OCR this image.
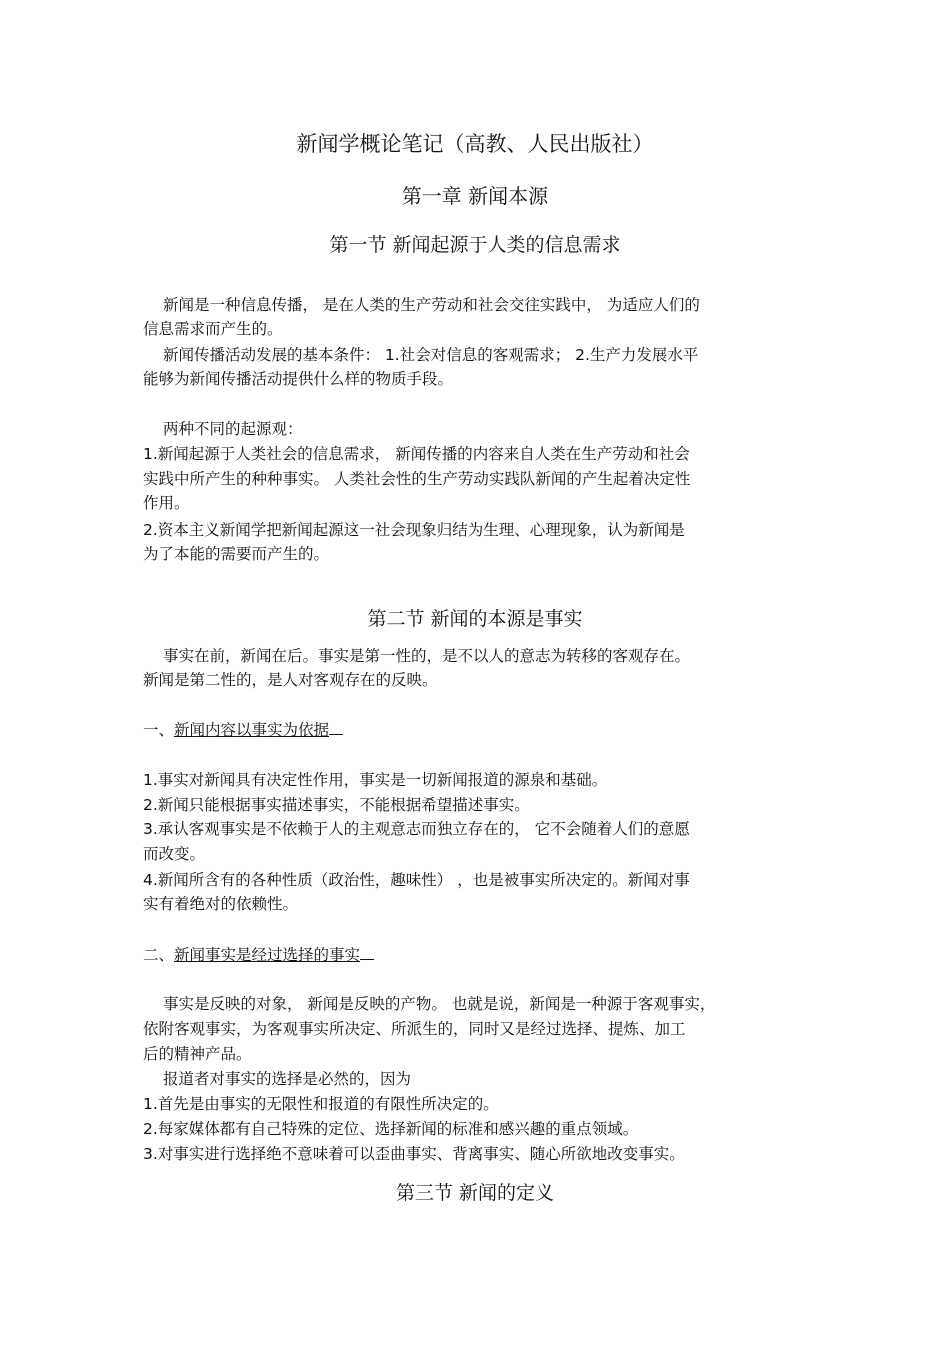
新闻学概论笔记（高教、人民出版社）
第一章 新闻本源
第一节 新闻起源于人类的信息需求
新闻是一种信息传播， 是在人类的生产劳动和社会交往实践中， 为适应人们的
信息需求而产生的。
新闻传播活动发展的基本条件： 1.社会对信息的客观需求； 2.生产力发展水平
能够为新闻传播活动提供什么样的物质手段。
两种不同的起源观：
1.新闻起源于人类社会的信息需求， 新闻传播的内容来自人类在生产劳动和社会
实践中所产生的种种事实。 人类社会性的生产劳动实践队新闻的产生起着决定性
作用。
2.资本主义新闻学把新闻起源这一社会现象归结为生理、心理现象，认为新闻是
为了本能的需要而产生的。
第二节 新闻的本源是事实
事实在前，新闻在后。事实是第一性的，是不以人的意志为转移的客观存在。
新闻是第二性的，是人对客观存在的反映。
一、新闻内容以事实为依据
1.事实对新闻具有决定性作用，事实是一切新闻报道的源泉和基础。
2.新闻只能根据事实描述事实，不能根据希望描述事实。
3.承认客观事实是不依赖于人的主观意志而独立存在的， 它不会随着人们的意愿
而改变。
4.新闻所含有的各种性质（政治性，趣味性） ，也是被事实所决定的。新闻对事
实有着绝对的依赖性。
二、新闻事实是经过选择的事实
事实是反映的对象， 新闻是反映的产物。 也就是说，新闻是一种源于客观事实，
依附客观事实，为客观事实所决定、所派生的，同时又是经过选择、提炼、加工
后的精神产品。
报道者对事实的选择是必然的，因为
1.首先是由事实的无限性和报道的有限性所决定的。
2.每家媒体都有自己特殊的定位、选择新闻的标准和感兴趣的重点领域。
3.对事实进行选择绝不意味着可以歪曲事实、背离事实、随心所欲地改变事实。
第三节 新闻的定义
